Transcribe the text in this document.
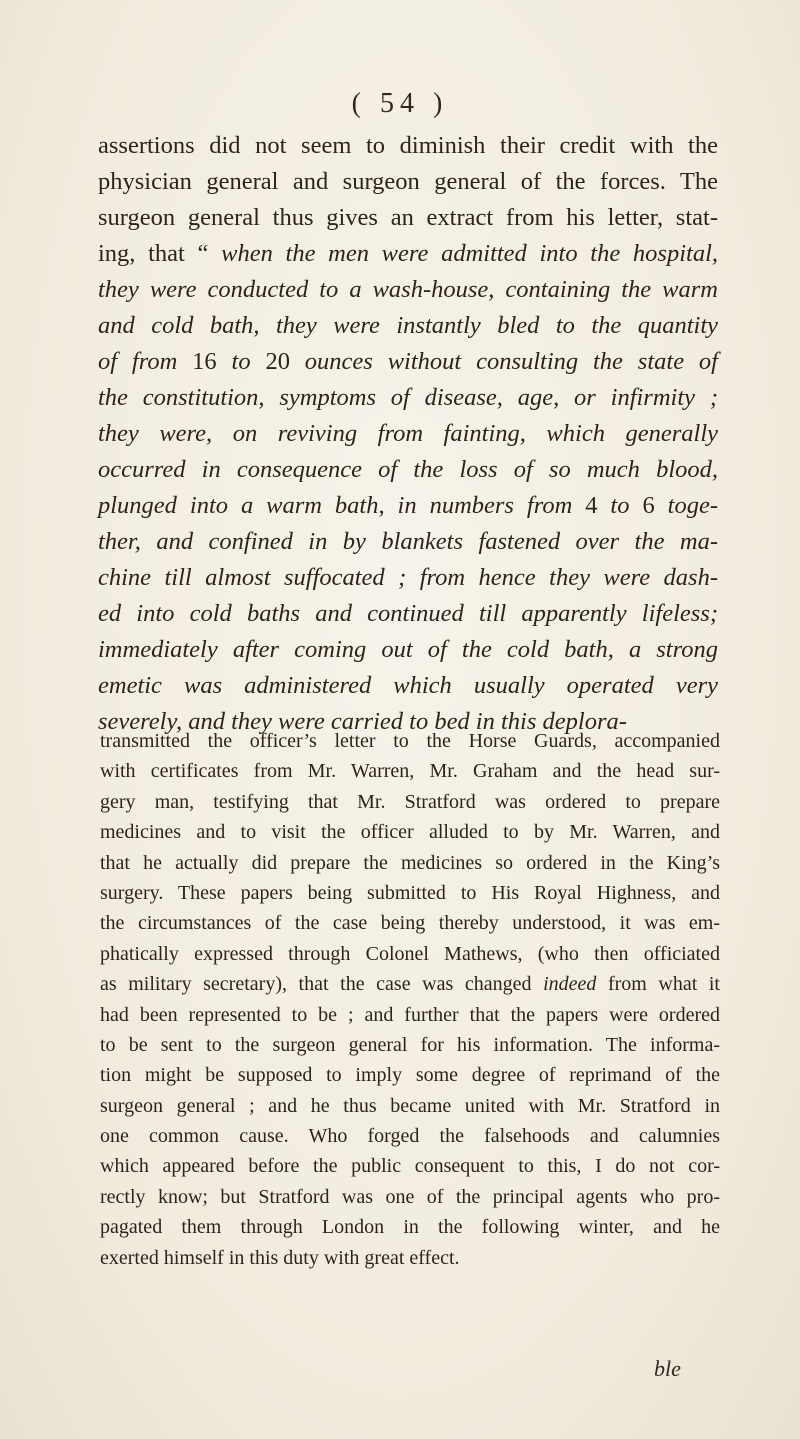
( 54 )
assertions did not seem to diminish their credit with the
physician general and surgeon general of the forces. The
surgeon general thus gives an extract from his letter, stat-
ing, that “ when the men were admitted into the hospital,
they were conducted to a wash-house, containing the warm
and cold bath, they were instantly bled to the quantity
of from 16 to 20 ounces without consulting the state of
the constitution, symptoms of disease, age, or infirmity ;
they were, on reviving from fainting, which generally
occurred in consequence of the loss of so much blood,
plunged into a warm bath, in numbers from 4 to 6 toge-
ther, and confined in by blankets fastened over the ma-
chine till almost suffocated ; from hence they were dash-
ed into cold baths and continued till apparently lifeless;
immediately after coming out of the cold bath, a strong
emetic was administered which usually operated very
severely, and they were carried to bed in this deplora-
transmitted the officer’s letter to the Horse Guards, accompanied
with certificates from Mr. Warren, Mr. Graham and the head sur-
gery man, testifying that Mr. Stratford was ordered to prepare
medicines and to visit the officer alluded to by Mr. Warren, and
that he actually did prepare the medicines so ordered in the King’s
surgery. These papers being submitted to His Royal Highness, and
the circumstances of the case being thereby understood, it was em-
phatically expressed through Colonel Mathews, (who then officiated
as military secretary), that the case was changed indeed from what it
had been represented to be ; and further that the papers were ordered
to be sent to the surgeon general for his information. The informa-
tion might be supposed to imply some degree of reprimand of the
surgeon general ; and he thus became united with Mr. Stratford in
one common cause. Who forged the falsehoods and calumnies
which appeared before the public consequent to this, I do not cor-
rectly know; but Stratford was one of the principal agents who pro-
pagated them through London in the following winter, and he
exerted himself in this duty with great effect.
ble
